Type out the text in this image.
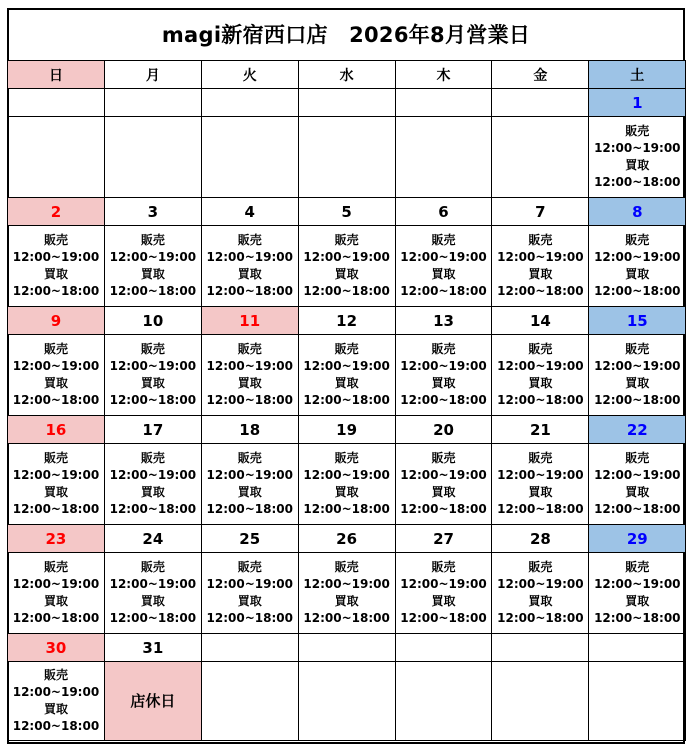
magi新宿西口店　2026年8月営業日
日	月	火	水	木	金	土
						1

						販売
12:00~19:00
買取
12:00~18:00

2	3	4	5	6	7	8

販売
12:00~19:00
買取
12:00~18:00	販売
12:00~19:00
買取
12:00~18:00	販売
12:00~19:00
買取
12:00~18:00	販売
12:00~19:00
買取
12:00~18:00	販売
12:00~19:00
買取
12:00~18:00	販売
12:00~19:00
買取
12:00~18:00	販売
12:00~19:00
買取
12:00~18:00

9	10	11	12	13	14	15

販売
12:00~19:00
買取
12:00~18:00	販売
12:00~19:00
買取
12:00~18:00	販売
12:00~19:00
買取
12:00~18:00	販売
12:00~19:00
買取
12:00~18:00	販売
12:00~19:00
買取
12:00~18:00	販売
12:00~19:00
買取
12:00~18:00	販売
12:00~19:00
買取
12:00~18:00

16	17	18	19	20	21	22

販売
12:00~19:00
買取
12:00~18:00	販売
12:00~19:00
買取
12:00~18:00	販売
12:00~19:00
買取
12:00~18:00	販売
12:00~19:00
買取
12:00~18:00	販売
12:00~19:00
買取
12:00~18:00	販売
12:00~19:00
買取
12:00~18:00	販売
12:00~19:00
買取
12:00~18:00

23	24	25	26	27	28	29

販売
12:00~19:00
買取
12:00~18:00	販売
12:00~19:00
買取
12:00~18:00	販売
12:00~19:00
買取
12:00~18:00	販売
12:00~19:00
買取
12:00~18:00	販売
12:00~19:00
買取
12:00~18:00	販売
12:00~19:00
買取
12:00~18:00	販売
12:00~19:00
買取
12:00~18:00

30	31					

販売
12:00~19:00
買取
12:00~18:00	店休日					
